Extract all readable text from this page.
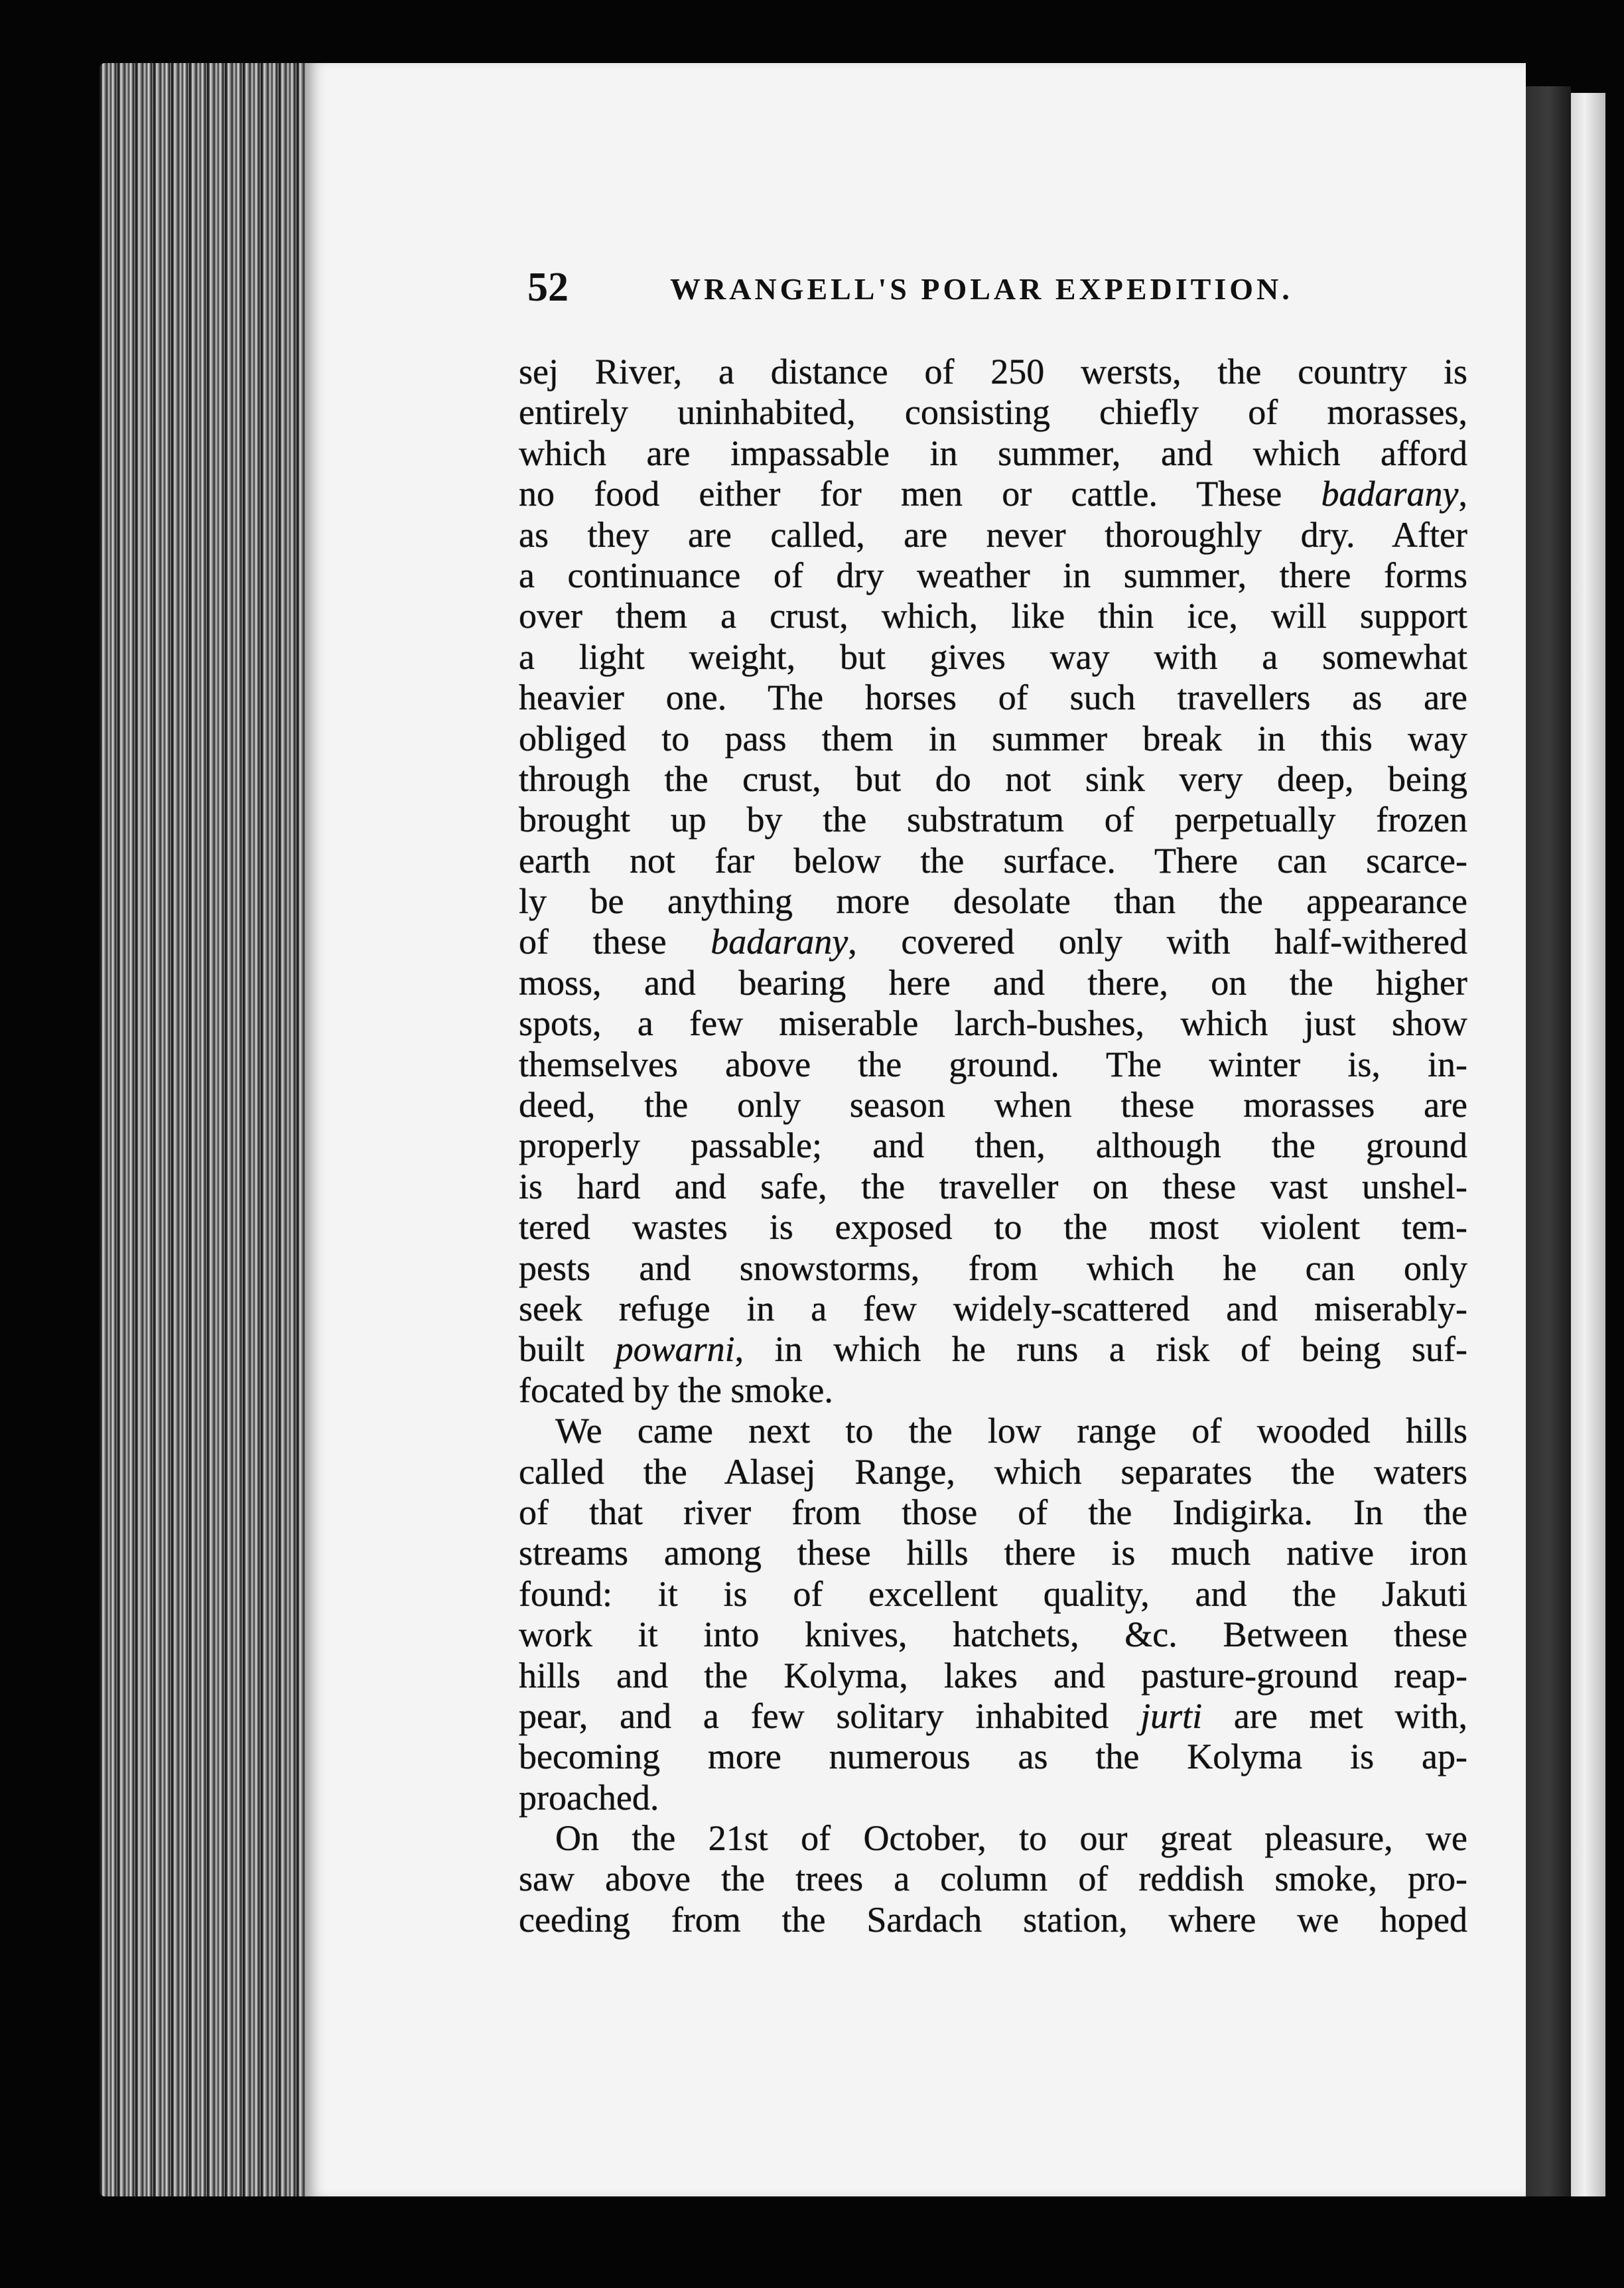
52	WRANGELL'S POLAR EXPEDITION.
sej River, a distance of 250 wersts, the country is
entirely uninhabited, consisting chiefly of morasses,
which are impassable in summer, and which afford
no food either for men or cattle. These badarany,
as they are called, are never thoroughly dry. After
a continuance of dry weather in summer, there forms
over them a crust, which, like thin ice, will support
a light weight, but gives way with a somewhat
heavier one. The horses of such travellers as are
obliged to pass them in summer break in this way
through the crust, but do not sink very deep, being
brought up by the substratum of perpetually frozen
earth not far below the surface. There can scarce-
ly be anything more desolate than the appearance
of these badarany, covered only with half-withered
moss, and bearing here and there, on the higher
spots, a few miserable larch-bushes, which just show
themselves above the ground. The winter is, in-
deed, the only season when these morasses are
properly passable; and then, although the ground
is hard and safe, the traveller on these vast unshel-
tered wastes is exposed to the most violent tem-
pests and snowstorms, from which he can only
seek refuge in a few widely-scattered and miserably-
built powarni, in which he runs a risk of being suf-
focated by the smoke.
We came next to the low range of wooded hills
called the Alasej Range, which separates the waters
of that river from those of the Indigirka. In the
streams among these hills there is much native iron
found: it is of excellent quality, and the Jakuti
work it into knives, hatchets, &c. Between these
hills and the Kolyma, lakes and pasture-ground reap-
pear, and a few solitary inhabited jurti are met with,
becoming more numerous as the Kolyma is ap-
proached.
On the 21st of October, to our great pleasure, we
saw above the trees a column of reddish smoke, pro-
ceeding from the Sardach station, where we hoped
